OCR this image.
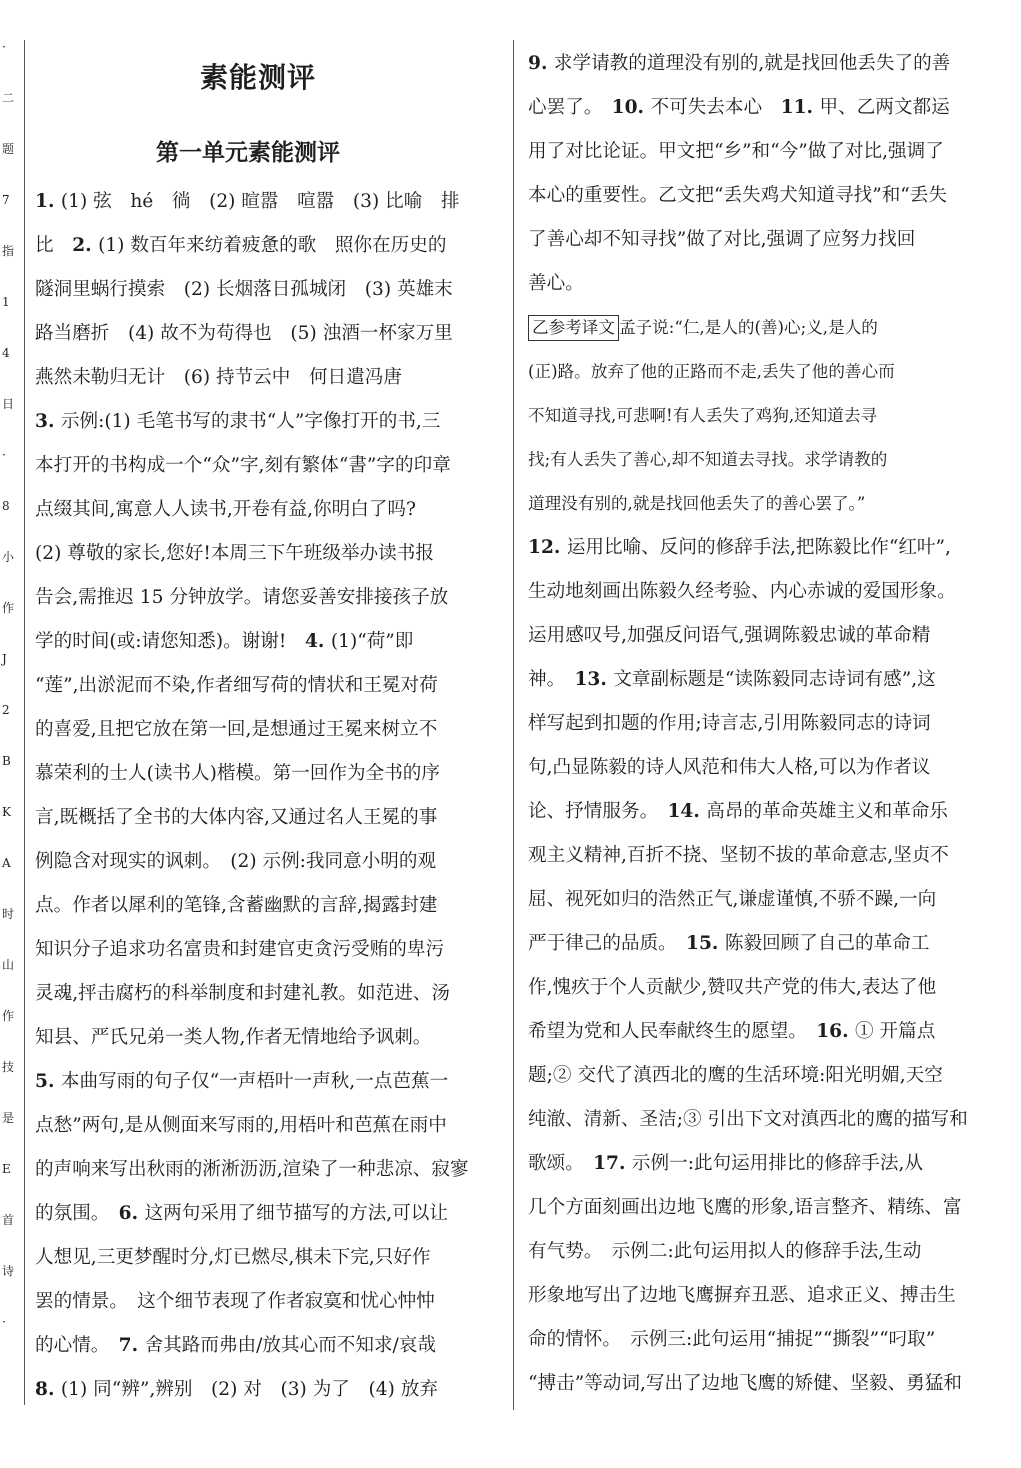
·
二
题
7
指
1
4
日
·
8
小
作
J
2
B
K
A
时
山
作
技
是
E
首
诗
·
素能测评
第一单元素能测评

1. (1) 弦　hé　徜　(2) 暄嚣　喧嚣　(3) 比喻　排

比　2. (1) 数百年来纺着疲惫的歌　照你在历史的

隧洞里蜗行摸索　(2) 长烟落日孤城闭　(3) 英雄末

路当磨折　(4) 故不为苟得也　(5) 浊酒一杯家万里

燕然未勒归无计　(6) 持节云中　何日遣冯唐

3. 示例:(1) 毛笔书写的隶书“人”字像打开的书,三

本打开的书构成一个“众”字,刻有繁体“書”字的印章

点缀其间,寓意人人读书,开卷有益,你明白了吗?

(2) 尊敬的家长,您好!本周三下午班级举办读书报

告会,需推迟 15 分钟放学。请您妥善安排接孩子放

学的时间(或:请您知悉)。谢谢!　4. (1)“荷”即

“莲”,出淤泥而不染,作者细写荷的情状和王冕对荷

的喜爱,且把它放在第一回,是想通过王冕来树立不

慕荣利的士人(读书人)楷模。第一回作为全书的序

言,既概括了全书的大体内容,又通过名人王冕的事

例隐含对现实的讽刺。　(2) 示例:我同意小明的观

点。作者以犀利的笔锋,含蓄幽默的言辞,揭露封建

知识分子追求功名富贵和封建官吏贪污受贿的卑污

灵魂,抨击腐朽的科举制度和封建礼教。如范进、汤

知县、严氏兄弟一类人物,作者无情地给予讽刺。

5. 本曲写雨的句子仅“一声梧叶一声秋,一点芭蕉一

点愁”两句,是从侧面来写雨的,用梧叶和芭蕉在雨中

的声响来写出秋雨的淅淅沥沥,渲染了一种悲凉、寂寥

的氛围。　6. 这两句采用了细节描写的方法,可以让

人想见,三更梦醒时分,灯已燃尽,棋未下完,只好作

罢的情景。　这个细节表现了作者寂寞和忧心忡忡

的心情。　7. 舍其路而弗由/放其心而不知求/哀哉

8. (1) 同“辨”,辨别　(2) 对　(3) 为了　(4) 放弃

9. 求学请教的道理没有别的,就是找回他丢失了的善

心罢了。　10. 不可失去本心　11. 甲、乙两文都运

用了对比论证。甲文把“乡”和“今”做了对比,强调了

本心的重要性。乙文把“丢失鸡犬知道寻找”和“丢失

了善心却不知寻找”做了对比,强调了应努力找回

善心。

乙参考译文 孟子说:“仁,是人的(善)心;义,是人的

(正)路。放弃了他的正路而不走,丢失了他的善心而

不知道寻找,可悲啊!有人丢失了鸡狗,还知道去寻

找;有人丢失了善心,却不知道去寻找。求学请教的

道理没有别的,就是找回他丢失了的善心罢了。”

12. 运用比喻、反问的修辞手法,把陈毅比作“红叶”,

生动地刻画出陈毅久经考验、内心赤诚的爱国形象。

运用感叹号,加强反问语气,强调陈毅忠诚的革命精

神。　13. 文章副标题是“读陈毅同志诗词有感”,这

样写起到扣题的作用;诗言志,引用陈毅同志的诗词

句,凸显陈毅的诗人风范和伟大人格,可以为作者议

论、抒情服务。　14. 高昂的革命英雄主义和革命乐

观主义精神,百折不挠、坚韧不拔的革命意志,坚贞不

屈、视死如归的浩然正气,谦虚谨慎,不骄不躁,一向

严于律己的品质。　15. 陈毅回顾了自己的革命工

作,愧疚于个人贡献少,赞叹共产党的伟大,表达了他

希望为党和人民奉献终生的愿望。　16. ① 开篇点

题;② 交代了滇西北的鹰的生活环境:阳光明媚,天空

纯澈、清新、圣洁;③ 引出下文对滇西北的鹰的描写和

歌颂。　17. 示例一:此句运用排比的修辞手法,从

几个方面刻画出边地飞鹰的形象,语言整齐、精练、富

有气势。　示例二:此句运用拟人的修辞手法,生动

形象地写出了边地飞鹰摒弃丑恶、追求正义、搏击生

命的情怀。　示例三:此句运用“捕捉”“撕裂”“叼取”

“搏击”等动词,写出了边地飞鹰的矫健、坚毅、勇猛和
